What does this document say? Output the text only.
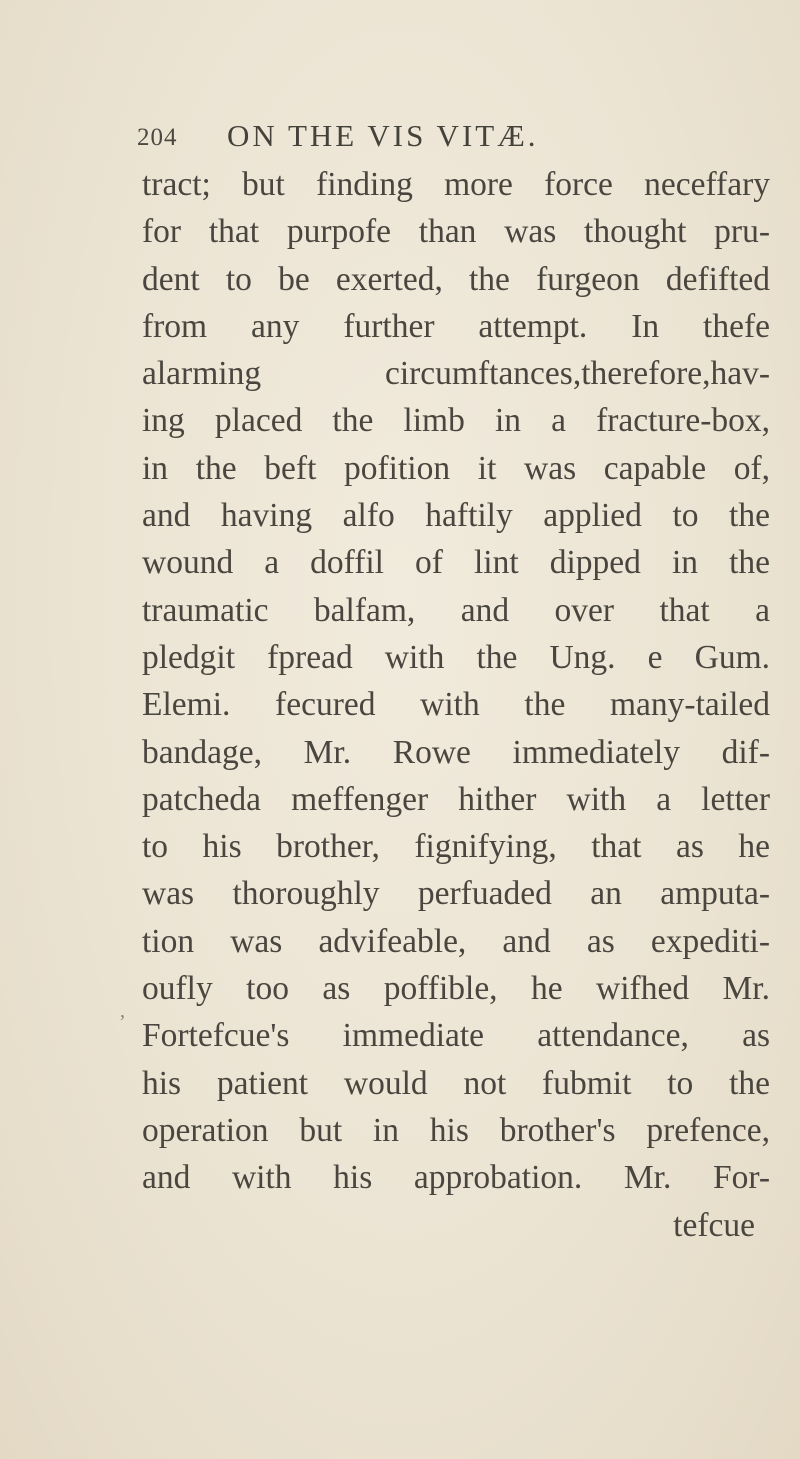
204 ON THE VIS VITÆ.
tract; but finding more force neceffary
for that purpofe than was thought pru-
dent to be exerted, the furgeon defifted
from any further attempt. In thefe
alarming circumftances,therefore,hav-
ing placed the limb in a fracture-box,
in the beft pofition it was capable of,
and having alfo haftily applied to the
wound a doffil of lint dipped in the
traumatic balfam, and over that a
pledgit fpread with the Ung. e Gum.
Elemi. fecured with the many-tailed
bandage, Mr. Rowe immediately dif-
patcheda meffenger hither with a letter
to his brother, fignifying, that as he
was thoroughly perfuaded an amputa-
tion was advifeable, and as expediti-
oufly too as poffible, he wifhed Mr.
Fortefcue's immediate attendance, as
his patient would not fubmit to the
operation but in his brother's prefence,
and with his approbation. Mr. For-
tefcue
,
